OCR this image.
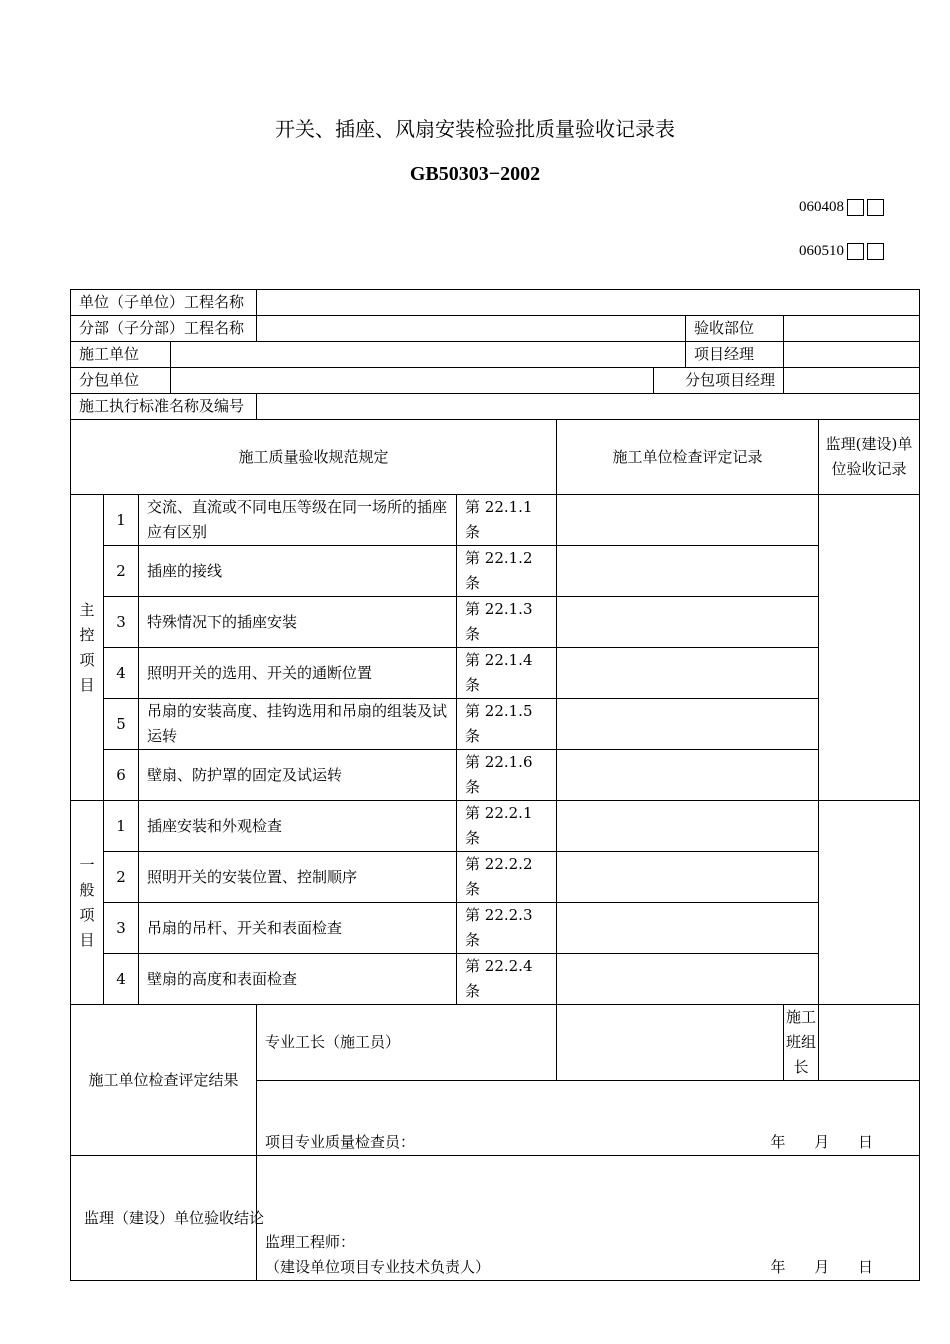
开关、插座、风扇安装检验批质量验收记录表
GB50303−2002
060408
060510
单位（子单位）工程名称										
分部（子分部）工程名称								验收部位		
施工单位								项目经理		
分包单位							分包项目经理			
施工执行标准名称及编号										
施工质量验收规范规定						施工单位检查评定记录				监理(建设)单位验收记录
主控项目	1	交流、直流或不同电压等级在同一场所的插座应有区别			第 22.1.1 条					
	2	插座的接线			第 22.1.2 条					
	3	特殊情况下的插座安装			第 22.1.3 条					
	4	照明开关的选用、开关的通断位置			第 22.1.4 条					
	5	吊扇的安装高度、挂钩选用和吊扇的组装及试运转			第 22.1.5 条					
	6	壁扇、防护罩的固定及试运转			第 22.1.6 条					
一般项目	1	插座安装和外观检查			第 22.2.1 条					
	2	照明开关的安装位置、控制顺序			第 22.2.2 条					
	3	吊扇的吊杆、开关和表面检查			第 22.2.3 条					
	4	壁扇的高度和表面检查			第 22.2.4 条					
施工单位检查评定结果				专业工长（施工员）					施工班组长	

				项目专业质量检查员： 年 月 日						

监理（建设）单位验收结论				监理工程师：
（建设单位项目专业技术负责人） 年 月 日						
